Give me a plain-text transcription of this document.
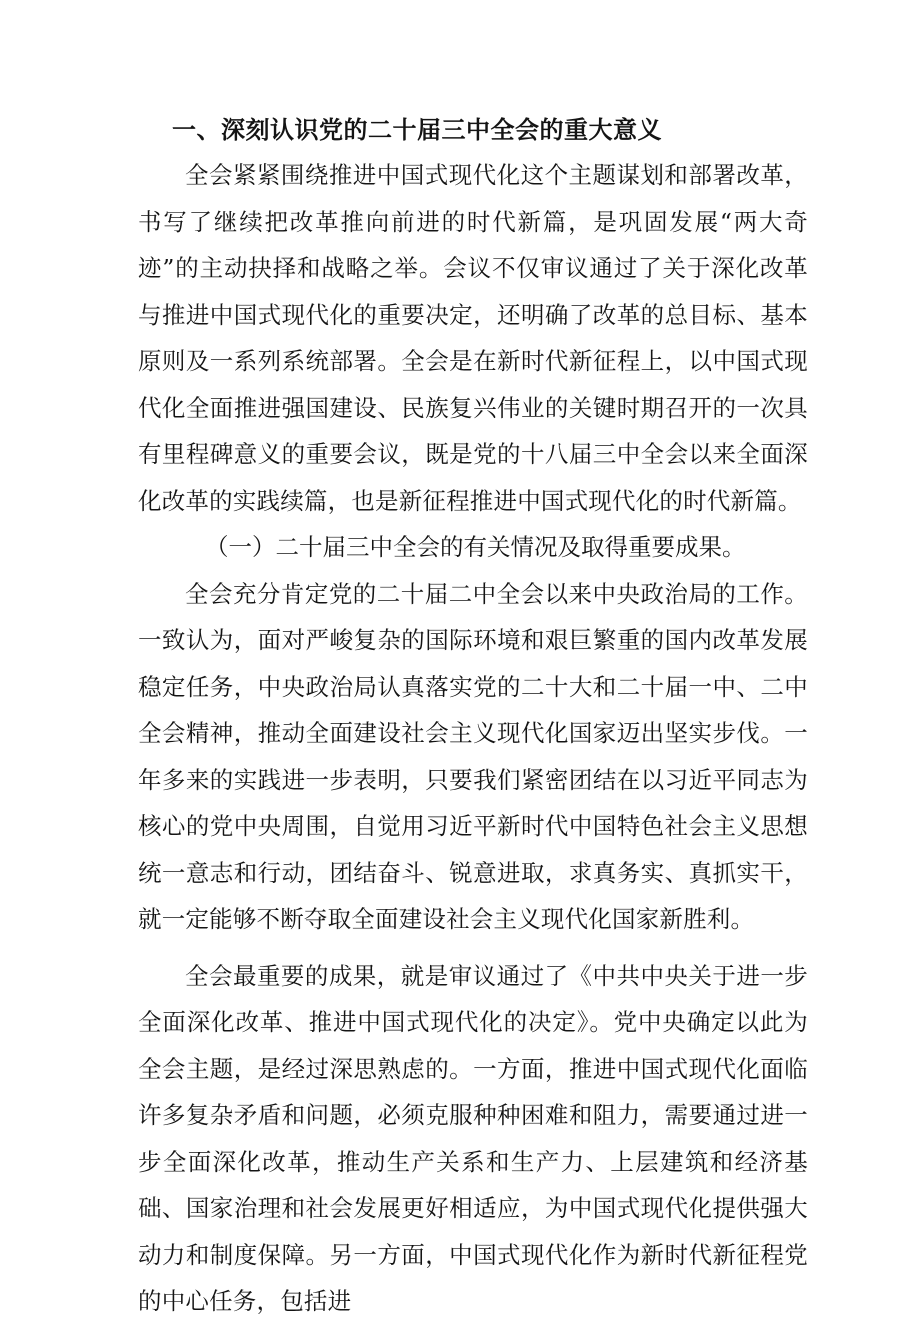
一、深刻认识党的二十届三中全会的重大意义

全会紧紧围绕推进中国式现代化这个主题谋划和部署改革，书写了继续把改革推向前进的时代新篇，是巩固发展“两大奇迹”的主动抉择和战略之举。会议不仅审议通过了关于深化改革与推进中国式现代化的重要决定，还明确了改革的总目标、基本原则及一系列系统部署。全会是在新时代新征程上，以中国式现代化全面推进强国建设、民族复兴伟业的关键时期召开的一次具有里程碑意义的重要会议，既是党的十八届三中全会以来全面深化改革的实践续篇，也是新征程推进中国式现代化的时代新篇。

（一）二十届三中全会的有关情况及取得重要成果。

全会充分肯定党的二十届二中全会以来中央政治局的工作。一致认为，面对严峻复杂的国际环境和艰巨繁重的国内改革发展稳定任务，中央政治局认真落实党的二十大和二十届一中、二中全会精神，推动全面建设社会主义现代化国家迈出坚实步伐。一年多来的实践进一步表明，只要我们紧密团结在以习近平同志为核心的党中央周围，自觉用习近平新时代中国特色社会主义思想统一意志和行动，团结奋斗、锐意进取，求真务实、真抓实干，就一定能够不断夺取全面建设社会主义现代化国家新胜利。

全会最重要的成果，就是审议通过了《中共中央关于进一步全面深化改革、推进中国式现代化的决定》。党中央确定以此为全会主题，是经过深思熟虑的。一方面，推进中国式现代化面临许多复杂矛盾和问题，必须克服种种困难和阻力，需要通过进一步全面深化改革，推动生产关系和生产力、上层建筑和经济基础、国家治理和社会发展更好相适应，为中国式现代化提供强大动力和制度保障。另一方面，中国式现代化作为新时代新征程党的中心任务，包括进
